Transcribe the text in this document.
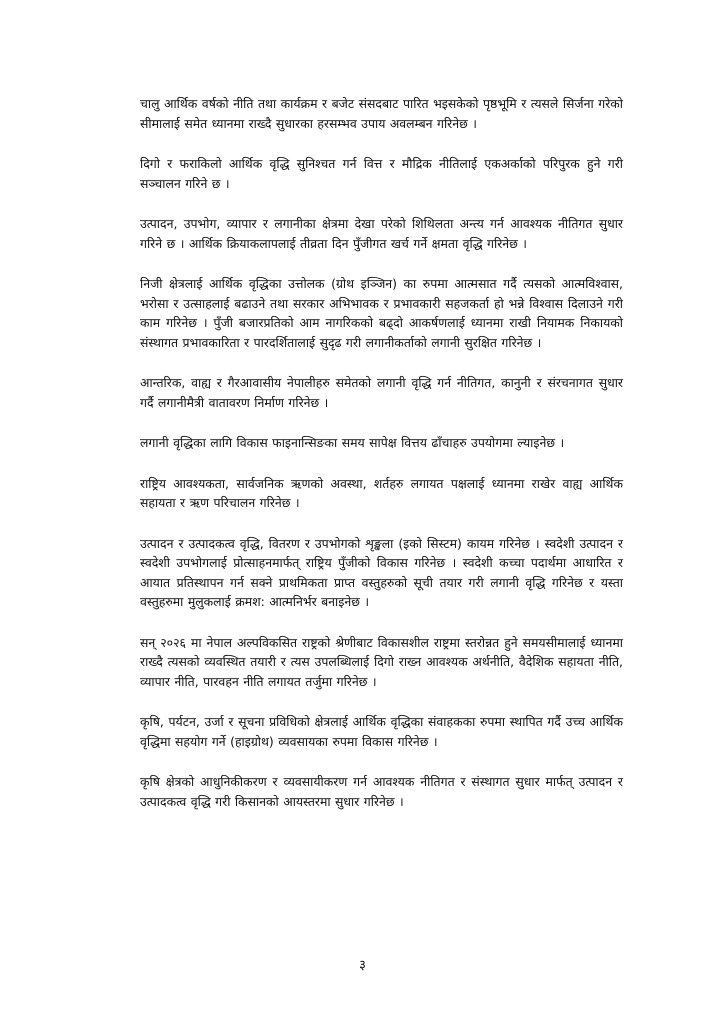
चालु आर्थिक वर्षको नीति तथा कार्यक्रम र बजेट संसदबाट पारित भइसकेको पृष्ठभूमि र त्यसले सिर्जना गरेको सीमालाई समेत ध्यानमा राख्दै सुधारका हरसम्भव उपाय अवलम्बन गरिनेछ ।

दिगो र फराकिलो आर्थिक वृद्धि सुनिश्चत गर्न वित्त र मौद्रिक नीतिलाई एकअर्काको परिपुरक हुने गरी सञ्चालन गरिने छ ।

उत्पादन, उपभोग, व्यापार र लगानीका क्षेत्रमा देखा परेको शिथिलता अन्त्य गर्न आवश्यक नीतिगत सुधार गरिने छ । आर्थिक क्रियाकलापलाई तीव्रता दिन पुँजीगत खर्च गर्ने क्षमता वृद्धि गरिनेछ ।

निजी क्षेत्रलाई आर्थिक वृद्धिका उत्तोलक (ग्रोथ इञ्जिन) का रुपमा आत्मसात गर्दै त्यसको आत्मविश्वास, भरोसा र उत्साहलाई बढाउने तथा सरकार अभिभावक र प्रभावकारी सहजकर्ता हो भन्ने विश्वास दिलाउने गरी काम गरिनेछ । पुँजी बजारप्रतिको आम नागरिकको बढ्दो आकर्षणलाई ध्यानमा राखी नियामक निकायको संस्थागत प्रभावकारिता र पारदर्शितालाई सुदृढ गरी लगानीकर्ताको लगानी सुरक्षित गरिनेछ ।

आन्तरिक, वाह्य र गैरआवासीय नेपालीहरु समेतको लगानी वृद्धि गर्न नीतिगत, कानुनी र संरचनागत सुधार गर्दै लगानीमैत्री वातावरण निर्माण गरिनेछ ।

लगानी वृद्धिका लागि विकास फाइनान्सिङका समय सापेक्ष वित्तय ढाँचाहरु उपयोगमा ल्याइनेछ ।

राष्ट्रिय आवश्यकता, सार्वजनिक ऋणको अवस्था, शर्तहरु लगायत पक्षलाई ध्यानमा राखेर वाह्य आर्थिक सहायता र ऋण परिचालन गरिनेछ ।

उत्पादन र उत्पादकत्व वृद्धि, वितरण र उपभोगको शृङ्खला (इको सिस्टम) कायम गरिनेछ । स्वदेशी उत्पादन र स्वदेशी उपभोगलाई प्रोत्साहनमार्फत् राष्ट्रिय पुँजीको विकास गरिनेछ । स्वदेशी कच्चा पदार्थमा आधारित र आयात प्रतिस्थापन गर्न सक्ने प्राथमिकता प्राप्त वस्तुहरुको सूची तयार गरी लगानी वृद्धि गरिनेछ र यस्ता वस्तुहरुमा मुलुकलाई क्रमश: आत्मनिर्भर बनाइनेछ ।

सन् २०२६ मा नेपाल अल्पविकसित राष्ट्रको श्रेणीबाट विकासशील राष्ट्रमा स्तरोन्नत हुने समयसीमालाई ध्यानमा राख्दै त्यसको व्यवस्थित तयारी र त्यस उपलब्धिलाई दिगो राख्न आवश्यक अर्थनीति, वैदेशिक सहायता नीति, व्यापार नीति, पारवहन नीति लगायत तर्जुमा गरिनेछ ।

कृषि, पर्यटन, उर्जा र सूचना प्रविधिको क्षेत्रलाई आर्थिक वृद्धिका संवाहकका रुपमा स्थापित गर्दै उच्च आर्थिक वृद्धिमा सहयोग गर्ने (हाइग्रोथ) व्यवसायका रुपमा विकास गरिनेछ ।

कृषि क्षेत्रको आधुनिकीकरण र व्यवसायीकरण गर्न आवश्यक नीतिगत र संस्थागत सुधार मार्फत् उत्पादन र उत्पादकत्व वृद्धि गरी किसानको आयस्तरमा सुधार गरिनेछ ।

३
